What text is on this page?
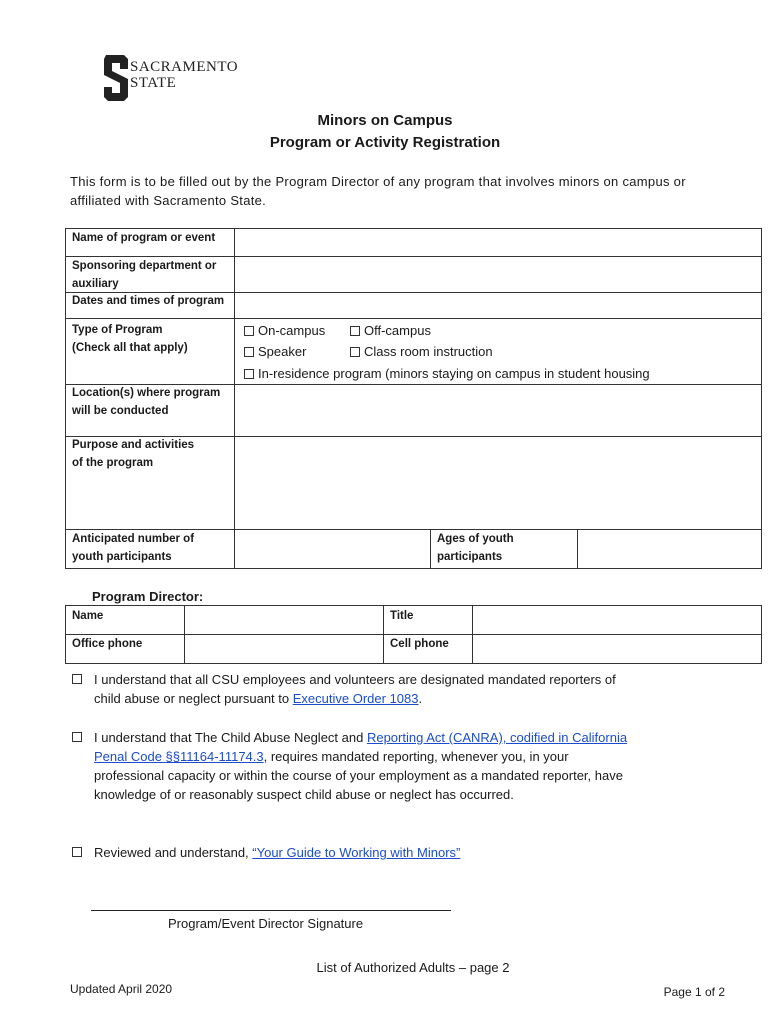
SACRAMENTO
STATE
Minors on Campus
Program or Activity Registration
This form is to be filled out by the Program Director of any program that involves minors on campus or affiliated with Sacramento State.
Name of program or event
Sponsoring department or auxiliary
Dates and times of program
Type of Program
(Check all that apply)
On-campus	Off-campus
Speaker	Class room instruction
In-residence program (minors staying on campus in student housing
Location(s) where program will be conducted
Purpose and activities
of the program
Anticipated number of youth participants
Ages of youth participants
Program Director:
Name	Title
Office phone	Cell phone
I understand that all CSU employees and volunteers are designated mandated reporters of child abuse or neglect pursuant to Executive Order 1083.
I understand that The Child Abuse Neglect and Reporting Act (CANRA), codified in California Penal Code §§11164-11174.3, requires mandated reporting, whenever you, in your professional capacity or within the course of your employment as a mandated reporter, have knowledge of or reasonably suspect child abuse or neglect has occurred.
Reviewed and understand, “Your Guide to Working with Minors”
Program/Event Director Signature
List of Authorized Adults – page 2
Updated April 2020	Page 1 of 2
